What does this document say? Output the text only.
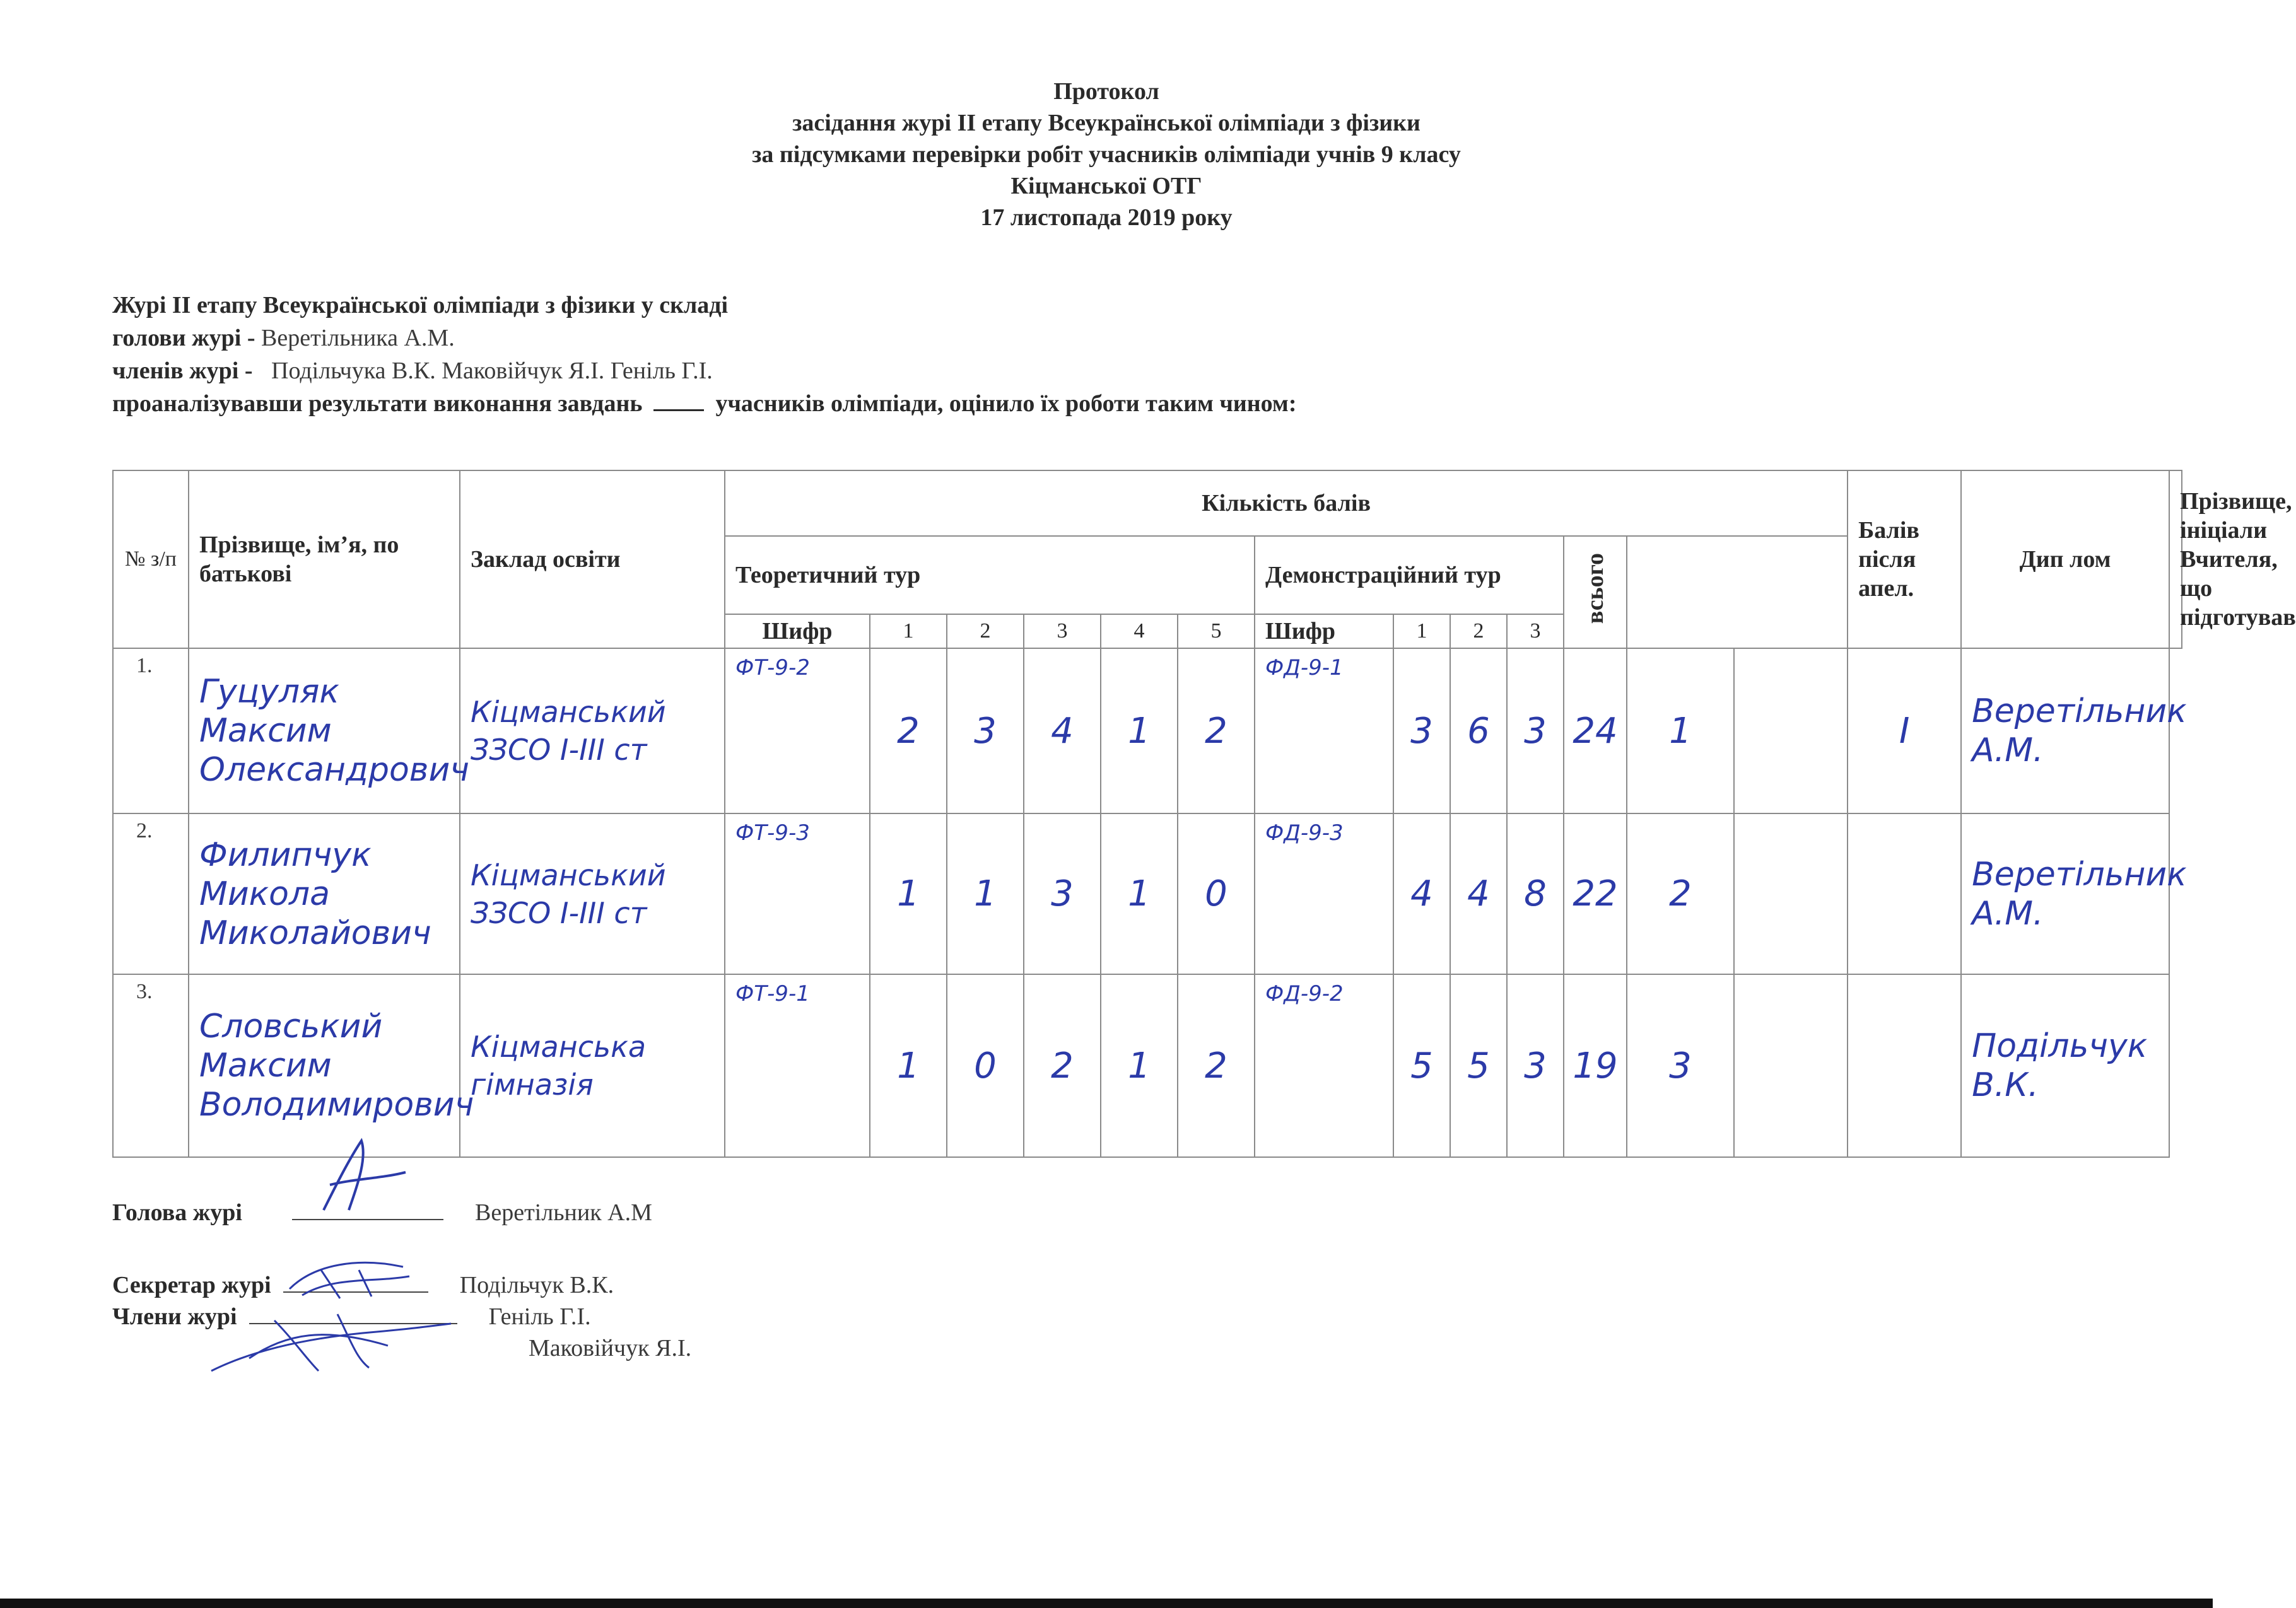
Протокол
засідання журі ІІ етапу Всеукраїнської олімпіади з фізики
за підсумками перевірки робіт учасників олімпіади учнів 9 класу
Кіцманської ОТГ
17 листопада 2019 року
Журі ІІ етапу Всеукраїнської олімпіади з фізики у складі
голови журі - Веретільника А.М.
членів журі - Подільчука В.К. Маковійчук Я.І. Геніль Г.І.
проаналізувавши результати виконання завдань	учасників олімпіади, оцінило їх роботи таким чином:
№ з/п	Прізвище, ім’я, по батькові	Заклад освіти	Кількість балів													Балів після апел.	Дип лом	Прізвище, ініціали Вчителя, що підготував
			Теоретичний тур						Демонстраційний тур				всього				
			Шифр	1	2	3	4	5	Шифр	1	2	3						
1.	Гуцуляк Максим Олександрович	Кіцманський ЗЗСО І-ІІІ ст	ФТ-9-2	2	3	4	1	2	ФД-9-1	3	6	3	24	1		І	Веретільник А.М.	
2.	Филипчук Микола Миколайович	Кіцманський ЗЗСО І-ІІІ ст	ФТ-9-3	1	1	3	1	0	ФД-9-3	4	4	8	22	2			Веретільник А.М.	
3.	Словський Максим Володимирович	Кіцманська гімназія	ФТ-9-1	1	0	2	1	2	ФД-9-2	5	5	3	19	3			Подільчук В.К.	
Голова журі	Веретільник А.М
Секретар журі	Подільчук В.К.
Члени журі	Геніль Г.І.
Маковійчук Я.І.
